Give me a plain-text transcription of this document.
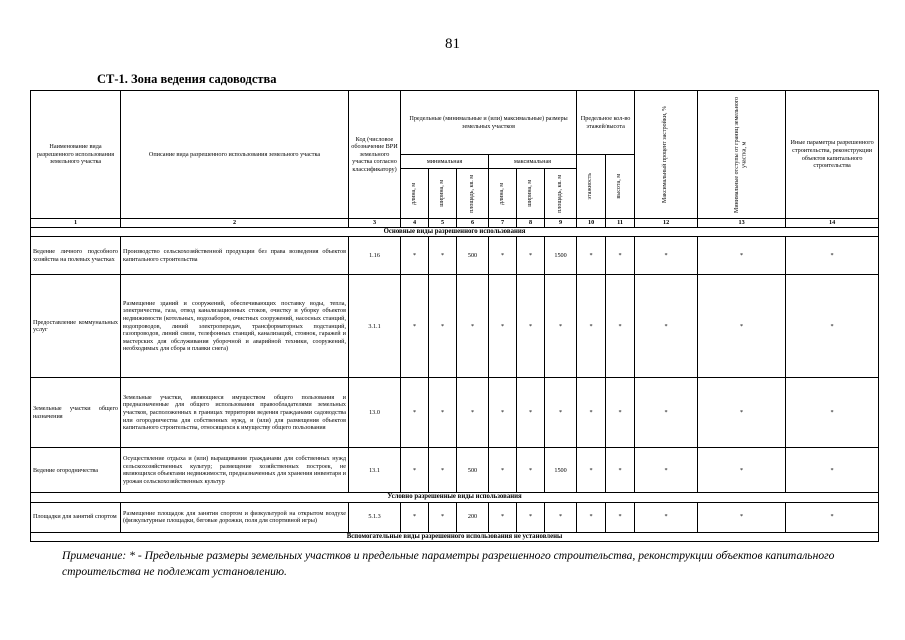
81
СТ-1. Зона ведения садоводства
Наименование вида разрешенного использования земельного участка	Описание вида разрешенного использования земельного участка	Код (числовое обозначение ВРИ земельного участка согласно классификатору)	Предельные (минимальные и (или) максимальные) размеры земельных участков						Предельное кол-во этажей/высота		Максимальный процент застройки, %	Минимальные отступы от границ земельного участка, м	Иные параметры разрешенного строительства, реконструкции объектов капитального строительства
			минимальная			максимальная			этажность	высота, м			

			длина, м	ширина, м	площадь, кв. м	длина, м	ширина, м	площадь, кв. м					

1	2	3	4	5	6	7	8	9	10	11	12	13	14
Основные виды разрешенного использования													
Ведение личного подсобного хозяйства на полевых участках	Производство сельскохозяйственной продукции без права возведения объектов капитального строительства	1.16	*	*	500	*	*	1500	*	*	*	*	*
Предоставление коммунальных услуг	Размещение зданий и сооружений, обеспечивающих поставку воды, тепла, электричества, газа, отвод канализационных стоков, очистку и уборку объектов недвижимости (котельных, водозаборов, очистных сооружений, насосных станций, водопроводов, линий электропередач, трансформаторных подстанций, газопроводов, линий связи, телефонных станций, канализаций, стоянок, гаражей и мастерских для обслуживания уборочной и аварийной техники, сооружений, необходимых для сбора и плавки снега)	3.1.1	*	*	*	*	*	*	*	*	*	*	*
Земельные участки общего назначения	Земельные участки, являющиеся имуществом общего пользования и предназначенные для общего использования правообладателями земельных участков, расположенных в границах территории ведения гражданами садоводства или огородничества для собственных нужд, и (или) для размещения объектов капитального строительства, относящихся к имуществу общего пользования	13.0	*	*	*	*	*	*	*	*	*	*	*
Ведение огородничества	Осуществление отдыха и (или) выращивания гражданами для собственных нужд сельскохозяйственных культур; размещение хозяйственных построек, не являющихся объектами недвижимости, предназначенных для хранения инвентаря и урожая сельскохозяйственных культур	13.1	*	*	500	*	*	1500	*	*	*	*	*
Условно разрешенные виды использования													
Площадки для занятий спортом	Размещение площадок для занятия спортом и физкультурой на открытом воздухе (физкультурные площадки, беговые дорожки, поля для спортивной игры)	5.1.3	*	*	200	*	*	*	*	*	*	*	*
Вспомогательные виды разрешенного использования не установлены													
Примечание: * - Предельные размеры земельных участков и предельные параметры разрешенного строительства, реконструкции объектов капитального строительства не подлежат установлению.
